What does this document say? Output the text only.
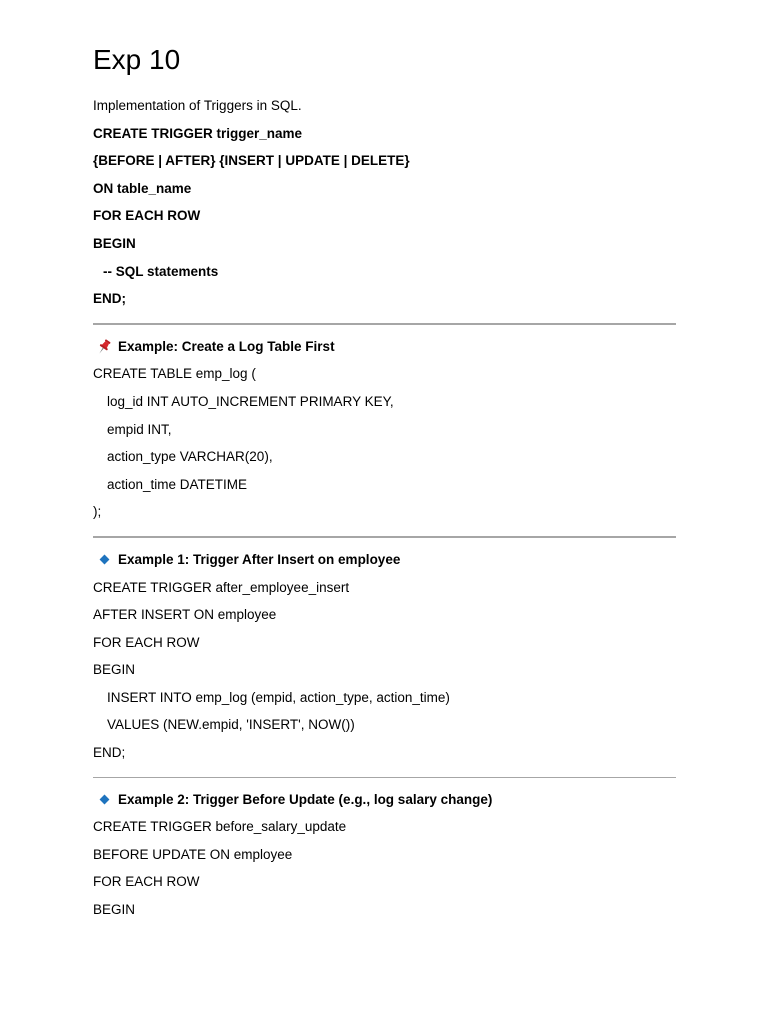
Exp 10
Implementation of Triggers in SQL.
CREATE TRIGGER trigger_name
{BEFORE | AFTER} {INSERT | UPDATE | DELETE}
ON table_name
FOR EACH ROW
BEGIN
-- SQL statements
END;
Example: Create a Log Table First
CREATE TABLE emp_log (
log_id INT AUTO_INCREMENT PRIMARY KEY,
empid INT,
action_type VARCHAR(20),
action_time DATETIME
);
Example 1: Trigger After Insert on employee
CREATE TRIGGER after_employee_insert
AFTER INSERT ON employee
FOR EACH ROW
BEGIN
INSERT INTO emp_log (empid, action_type, action_time)
VALUES (NEW.empid, 'INSERT', NOW())
END;
Example 2: Trigger Before Update (e.g., log salary change)
CREATE TRIGGER before_salary_update
BEFORE UPDATE ON employee
FOR EACH ROW
BEGIN
